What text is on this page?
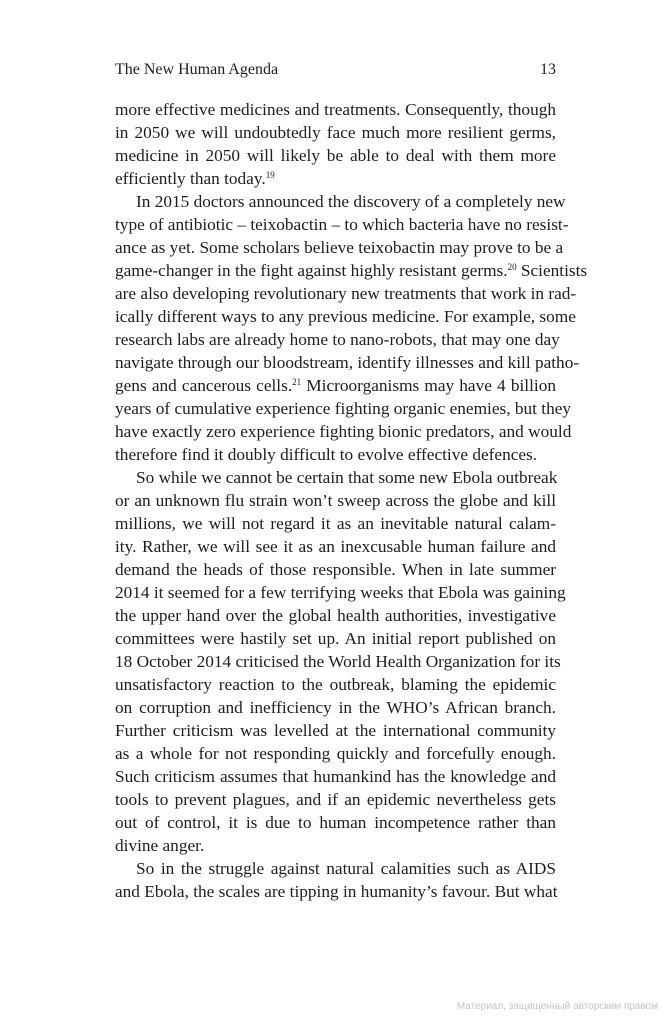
The New Human Agenda	13
more effective medicines and treatments. Consequently, though
in 2050 we will undoubtedly face much more resilient germs,
medicine in 2050 will likely be able to deal with them more
efficiently than today.$^{19}$
In 2015 doctors announced the discovery of a completely new
type of antibiotic – teixobactin – to which bacteria have no resist-
ance as yet. Some scholars believe teixobactin may prove to be a
game-changer in the fight against highly resistant germs.$^{20}$ Scientists
are also developing revolutionary new treatments that work in rad-
ically different ways to any previous medicine. For example, some
research labs are already home to nano-robots, that may one day
navigate through our bloodstream, identify illnesses and kill patho-
gens and cancerous cells.$^{21}$ Microorganisms may have 4 billion
years of cumulative experience fighting organic enemies, but they
have exactly zero experience fighting bionic predators, and would
therefore find it doubly difficult to evolve effective defences.
So while we cannot be certain that some new Ebola outbreak
or an unknown flu strain won’t sweep across the globe and kill
millions, we will not regard it as an inevitable natural calam-
ity. Rather, we will see it as an inexcusable human failure and
demand the heads of those responsible. When in late summer
2014 it seemed for a few terrifying weeks that Ebola was gaining
the upper hand over the global health authorities, investigative
committees were hastily set up. An initial report published on
18 October 2014 criticised the World Health Organization for its
unsatisfactory reaction to the outbreak, blaming the epidemic
on corruption and inefficiency in the WHO’s African branch.
Further criticism was levelled at the international community
as a whole for not responding quickly and forcefully enough.
Such criticism assumes that humankind has the knowledge and
tools to prevent plagues, and if an epidemic nevertheless gets
out of control, it is due to human incompetence rather than
divine anger.
So in the struggle against natural calamities such as AIDS
and Ebola, the scales are tipping in humanity’s favour. But what
Материал, защищенный авторским правом
